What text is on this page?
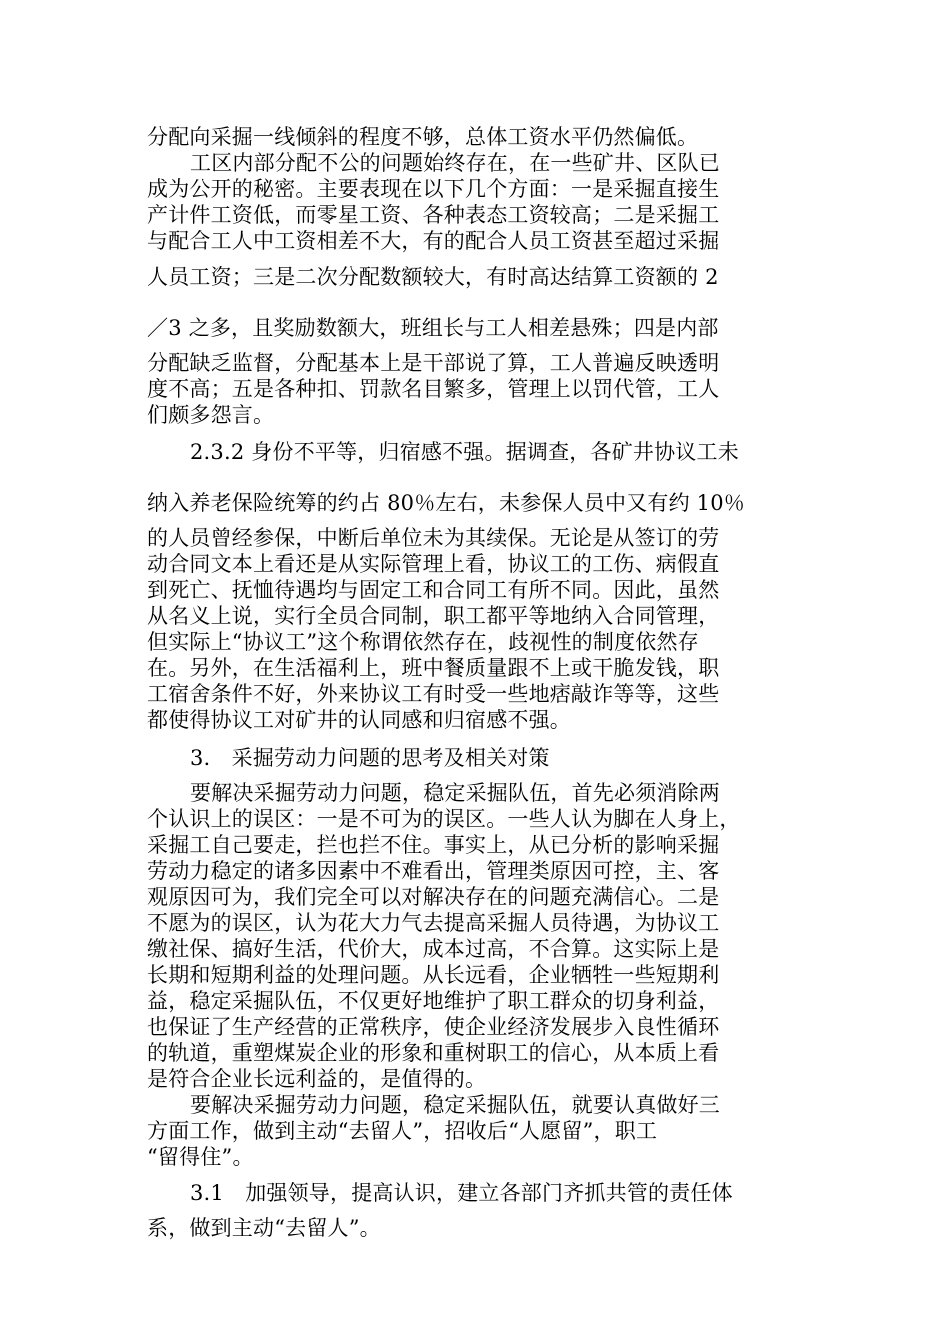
分配向采掘一线倾斜的程度不够，总体工资水平仍然偏低。
工区内部分配不公的问题始终存在，在一些矿井、区队已
成为公开的秘密。主要表现在以下几个方面：一是采掘直接生
产计件工资低，而零星工资、各种表态工资较高；二是采掘工
与配合工人中工资相差不大，有的配合人员工资甚至超过采掘
人员工资；三是二次分配数额较大，有时高达结算工资额的 2
／3 之多，且奖励数额大，班组长与工人相差悬殊；四是内部
分配缺乏监督，分配基本上是干部说了算，工人普遍反映透明
度不高；五是各种扣、罚款名目繁多，管理上以罚代管，工人
们颇多怨言。
2.3.2 身份不平等，归宿感不强。据调查，各矿井协议工未
纳入养老保险统筹的约占 80％左右，未参保人员中又有约 10％
的人员曾经参保，中断后单位未为其续保。无论是从签订的劳
动合同文本上看还是从实际管理上看，协议工的工伤、病假直
到死亡、抚恤待遇均与固定工和合同工有所不同。因此，虽然
从名义上说，实行全员合同制，职工都平等地纳入合同管理，
但实际上“协议工”这个称谓依然存在，歧视性的制度依然存
在。另外，在生活福利上，班中餐质量跟不上或干脆发钱，职
工宿舍条件不好，外来协议工有时受一些地痞敲诈等等，这些
都使得协议工对矿井的认同感和归宿感不强。
3.　采掘劳动力问题的思考及相关对策
要解决采掘劳动力问题，稳定采掘队伍，首先必须消除两
个认识上的误区：一是不可为的误区。一些人认为脚在人身上，
采掘工自己要走，拦也拦不住。事实上，从已分析的影响采掘
劳动力稳定的诸多因素中不难看出，管理类原因可控，主、客
观原因可为，我们完全可以对解决存在的问题充满信心。二是
不愿为的误区，认为花大力气去提高采掘人员待遇，为协议工
缴社保、搞好生活，代价大，成本过高，不合算。这实际上是
长期和短期利益的处理问题。从长远看，企业牺牲一些短期利
益，稳定采掘队伍，不仅更好地维护了职工群众的切身利益，
也保证了生产经营的正常秩序，使企业经济发展步入良性循环
的轨道，重塑煤炭企业的形象和重树职工的信心，从本质上看
是符合企业长远利益的，是值得的。
要解决采掘劳动力问题，稳定采掘队伍，就要认真做好三
方面工作，做到主动“去留人”，招收后“人愿留”，职工
“留得住”。
3.1　加强领导，提高认识，建立各部门齐抓共管的责任体
系，做到主动“去留人”。
